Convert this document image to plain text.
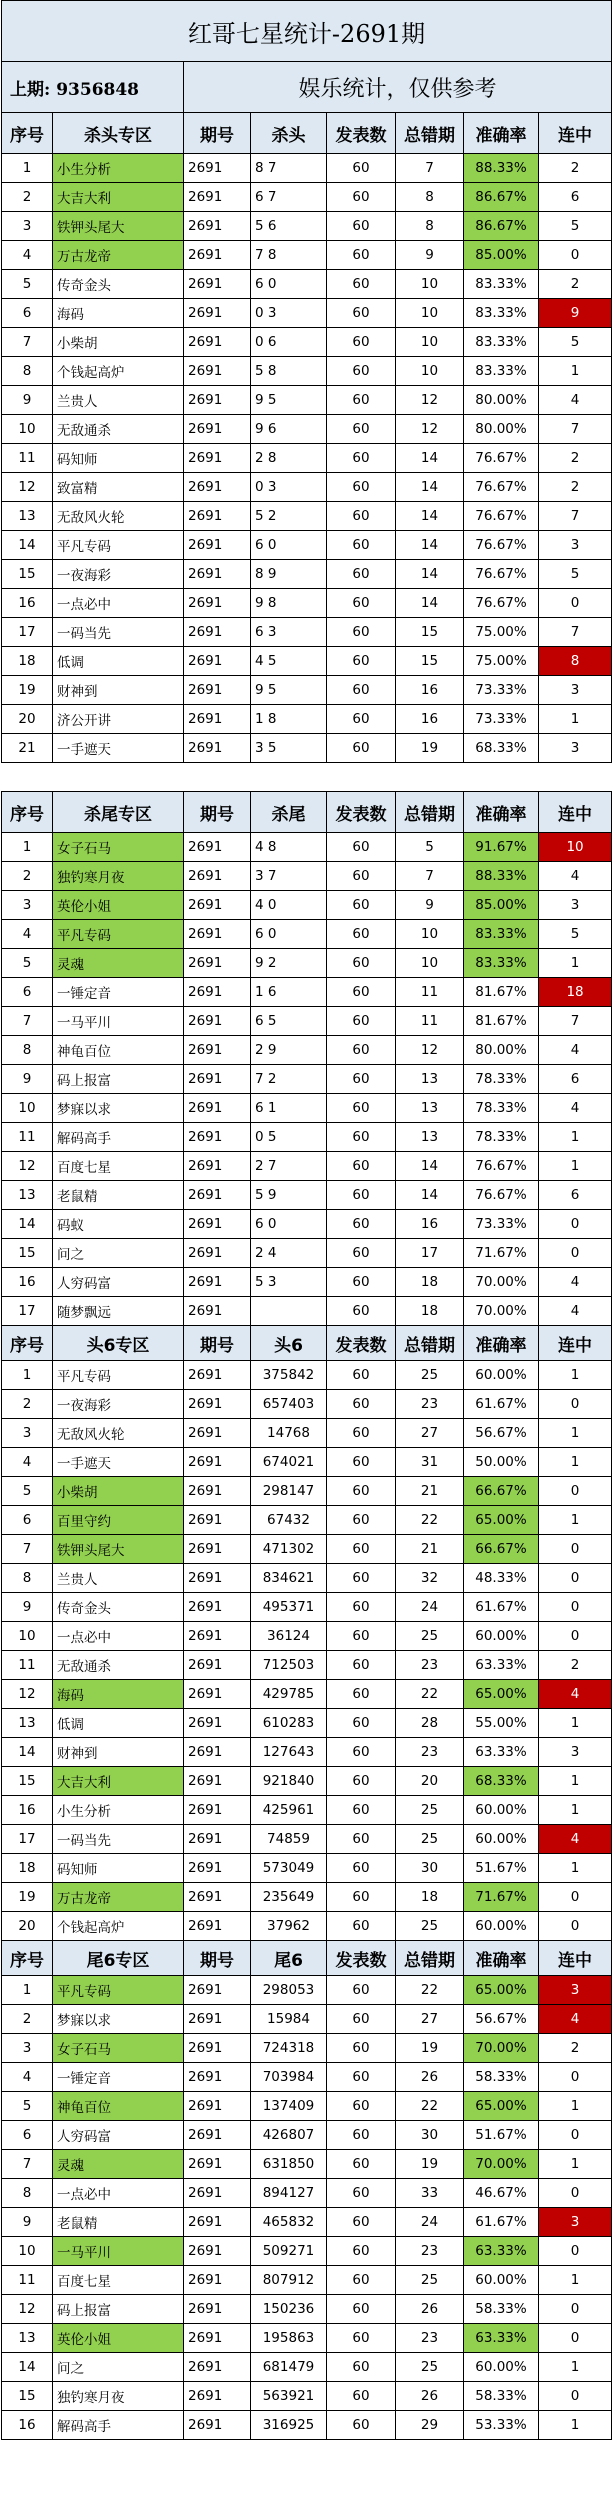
红哥七星统计-2691期							
上期: 9356848		娱乐统计，仅供参考					
序号	杀头专区	期号	杀头	发表数	总错期	准确率	连中
1	小生分析	2691	8 7	60	7	88.33%	2
2	大吉大利	2691	6 7	60	8	86.67%	6
3	铁钾头尾大	2691	5 6	60	8	86.67%	5
4	万古龙帝	2691	7 8	60	9	85.00%	0
5	传奇金头	2691	6 0	60	10	83.33%	2
6	海码	2691	0 3	60	10	83.33%	9
7	小柴胡	2691	0 6	60	10	83.33%	5
8	个钱起高炉	2691	5 8	60	10	83.33%	1
9	兰贵人	2691	9 5	60	12	80.00%	4
10	无敌通杀	2691	9 6	60	12	80.00%	7
11	码知师	2691	2 8	60	14	76.67%	2
12	致富精	2691	0 3	60	14	76.67%	2
13	无敌风火轮	2691	5 2	60	14	76.67%	7
14	平凡专码	2691	6 0	60	14	76.67%	3
15	一夜海彩	2691	8 9	60	14	76.67%	5
16	一点必中	2691	9 8	60	14	76.67%	0
17	一码当先	2691	6 3	60	15	75.00%	7
18	低调	2691	4 5	60	15	75.00%	8
19	财神到	2691	9 5	60	16	73.33%	3
20	济公开讲	2691	1 8	60	16	73.33%	1
21	一手遮天	2691	3 5	60	19	68.33%	3

序号	杀尾专区	期号	杀尾	发表数	总错期	准确率	连中
1	女子石马	2691	4 8	60	5	91.67%	10
2	独钓寒月夜	2691	3 7	60	7	88.33%	4
3	英伦小姐	2691	4 0	60	9	85.00%	3
4	平凡专码	2691	6 0	60	10	83.33%	5
5	灵魂	2691	9 2	60	10	83.33%	1
6	一锤定音	2691	1 6	60	11	81.67%	18
7	一马平川	2691	6 5	60	11	81.67%	7
8	神龟百位	2691	2 9	60	12	80.00%	4
9	码上报富	2691	7 2	60	13	78.33%	6
10	梦寐以求	2691	6 1	60	13	78.33%	4
11	解码高手	2691	0 5	60	13	78.33%	1
12	百度七星	2691	2 7	60	14	76.67%	1
13	老鼠精	2691	5 9	60	14	76.67%	6
14	码蚁	2691	6 0	60	16	73.33%	0
15	问之	2691	2 4	60	17	71.67%	0
16	人穷码富	2691	5 3	60	18	70.00%	4
17	随梦飘远	2691		60	18	70.00%	4
序号	头6专区	期号	头6	发表数	总错期	准确率	连中
1	平凡专码	2691	375842	60	25	60.00%	1
2	一夜海彩	2691	657403	60	23	61.67%	0
3	无敌风火轮	2691	14768	60	27	56.67%	1
4	一手遮天	2691	674021	60	31	50.00%	1
5	小柴胡	2691	298147	60	21	66.67%	0
6	百里守约	2691	67432	60	22	65.00%	1
7	铁钾头尾大	2691	471302	60	21	66.67%	0
8	兰贵人	2691	834621	60	32	48.33%	0
9	传奇金头	2691	495371	60	24	61.67%	0
10	一点必中	2691	36124	60	25	60.00%	0
11	无敌通杀	2691	712503	60	23	63.33%	2
12	海码	2691	429785	60	22	65.00%	4
13	低调	2691	610283	60	28	55.00%	1
14	财神到	2691	127643	60	23	63.33%	3
15	大吉大利	2691	921840	60	20	68.33%	1
16	小生分析	2691	425961	60	25	60.00%	1
17	一码当先	2691	74859	60	25	60.00%	4
18	码知师	2691	573049	60	30	51.67%	1
19	万古龙帝	2691	235649	60	18	71.67%	0
20	个钱起高炉	2691	37962	60	25	60.00%	0
序号	尾6专区	期号	尾6	发表数	总错期	准确率	连中
1	平凡专码	2691	298053	60	22	65.00%	3
2	梦寐以求	2691	15984	60	27	56.67%	4
3	女子石马	2691	724318	60	19	70.00%	2
4	一锤定音	2691	703984	60	26	58.33%	0
5	神龟百位	2691	137409	60	22	65.00%	1
6	人穷码富	2691	426807	60	30	51.67%	0
7	灵魂	2691	631850	60	19	70.00%	1
8	一点必中	2691	894127	60	33	46.67%	0
9	老鼠精	2691	465832	60	24	61.67%	3
10	一马平川	2691	509271	60	23	63.33%	0
11	百度七星	2691	807912	60	25	60.00%	1
12	码上报富	2691	150236	60	26	58.33%	0
13	英伦小姐	2691	195863	60	23	63.33%	0
14	问之	2691	681479	60	25	60.00%	1
15	独钓寒月夜	2691	563921	60	26	58.33%	0
16	解码高手	2691	316925	60	29	53.33%	1
